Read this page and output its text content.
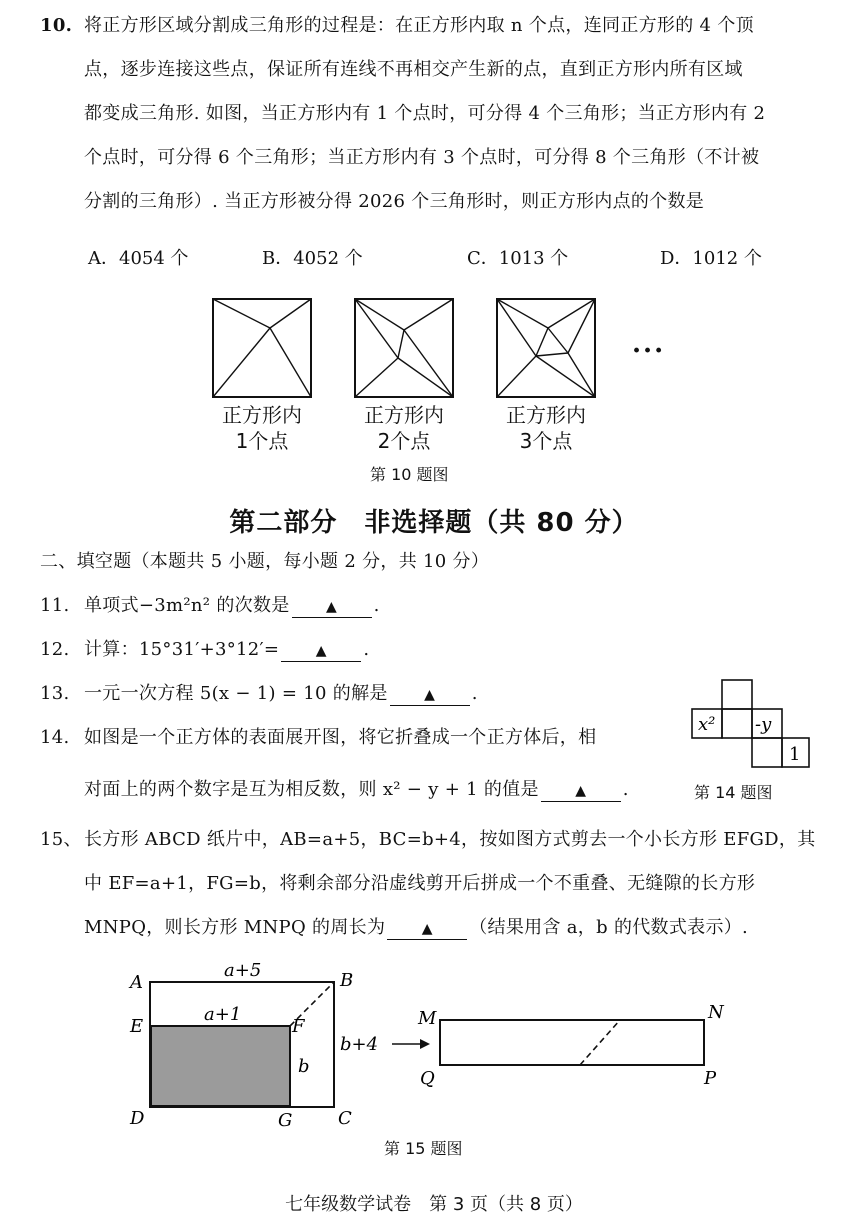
10. 将正方形区域分割成三角形的过程是：在正方形内取 n 个点，连同正方形的 4 个顶
点，逐步连接这些点，保证所有连线不再相交产生新的点，直到正方形内所有区域
都变成三角形. 如图，当正方形内有 1 个点时，可分得 4 个三角形；当正方形内有 2
个点时，可分得 6 个三角形；当正方形内有 3 个点时，可分得 8 个三角形（不计被
分割的三角形）. 当正方形被分得 2026 个三角形时，则正方形内点的个数是
A．4054 个	B．4052 个	C．1013 个	D．1012 个
···
正方形内
1个点
正方形内
2个点
正方形内
3个点
第 10 题图
第二部分　非选择题（共 80 分）
二、填空题（本题共 5 小题，每小题 2 分，共 10 分）
11. 单项式−3m²n² 的次数是	▲ .
12. 计算：15°31′+3°12′=	▲ .
13. 一元一次方程 5(x − 1) = 10 的解是	▲ .
14. 如图是一个正方体的表面展开图，将它折叠成一个正方体后，相
对面上的两个数字是互为相反数，则 x² − y + 1 的值是	▲ .
x² -y
1
第 14 题图
15、 长方形 ABCD 纸片中，AB=a+5，BC=b+4，按如图方式剪去一个小长方形 EFGD，其
中 EF=a+1，FG=b，将剩余部分沿虚线剪开后拼成一个不重叠、无缝隙的长方形
MNPQ，则长方形 MNPQ 的周长为	▲ （结果用含 a，b 的代数式表示）.
A	B
C
D
E	F
G
a+5
a+1
b+4
b
M	N
P
Q
第 15 题图
七年级数学试卷　第 3 页（共 8 页）
